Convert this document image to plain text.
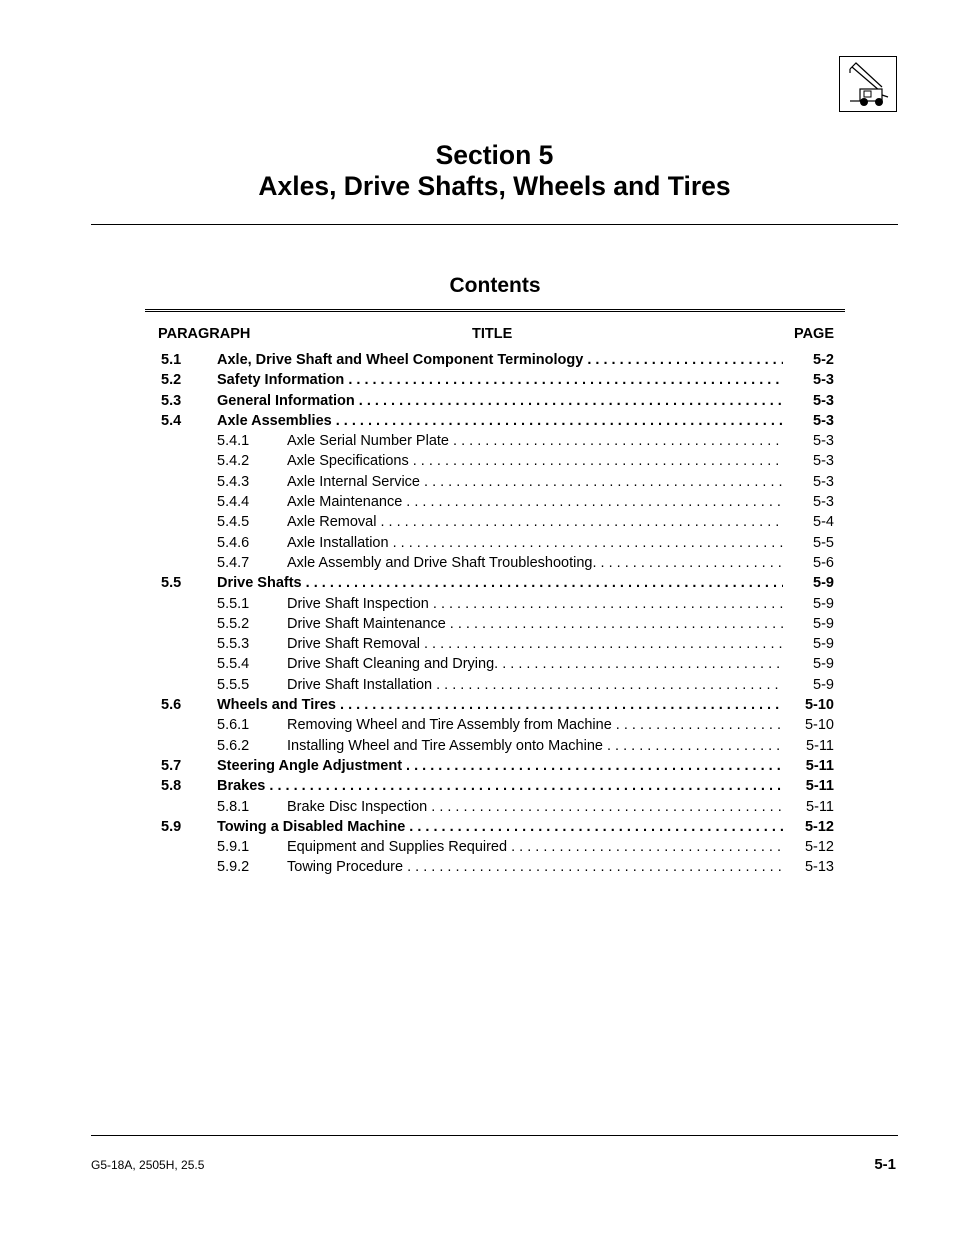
Section 5
Axles, Drive Shafts, Wheels and Tires
Contents
PARAGRAPH	TITLE	PAGE
5.1 Axle, Drive Shaft and Wheel Component Terminology . . .	5-2
5.2 Safety Information . . .	5-3
5.3 General Information . . .	5-3
5.4 Axle Assemblies . . .	5-3
5.4.1	Axle Serial Number Plate . . .	5-3
5.4.2	Axle Specifications . . .	5-3
5.4.3	Axle Internal Service . . .	5-3
5.4.4	Axle Maintenance . . .	5-3
5.4.5	Axle Removal . . .	5-4
5.4.6	Axle Installation . . .	5-5
5.4.7	Axle Assembly and Drive Shaft Troubleshooting. . . .	5-6
5.5 Drive Shafts . . .	5-9
5.5.1	Drive Shaft Inspection . . .	5-9
5.5.2	Drive Shaft Maintenance . . .	5-9
5.5.3	Drive Shaft Removal . . .	5-9
5.5.4	Drive Shaft Cleaning and Drying. . . .	5-9
5.5.5	Drive Shaft Installation . . .	5-9
5.6 Wheels and Tires . . .	5-10
5.6.1	Removing Wheel and Tire Assembly from Machine . . .	5-10
5.6.2	Installing Wheel and Tire Assembly onto Machine . . .	5-11
5.7 Steering Angle Adjustment . . .	5-11
5.8 Brakes . . .	5-11
5.8.1	Brake Disc Inspection . . .	5-11
5.9 Towing a Disabled Machine . . .	5-12
5.9.1	Equipment and Supplies Required . . .	5-12
5.9.2	Towing Procedure . . .	5-13
G5-18A, 2505H, 25.5	5-1
